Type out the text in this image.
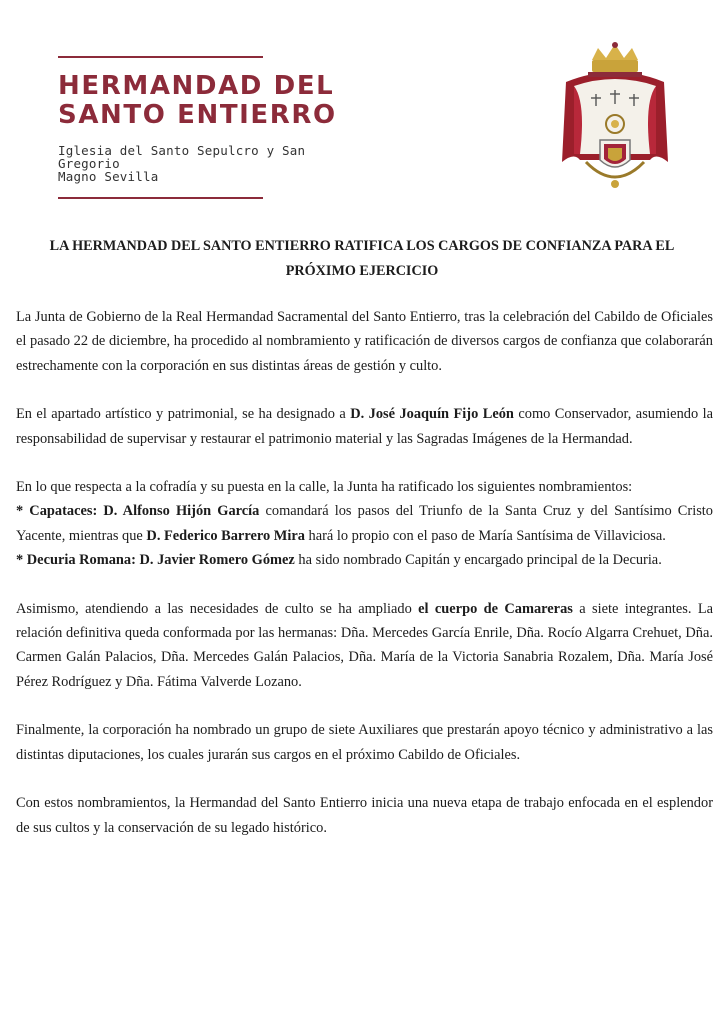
HERMANDAD DEL
SANTO ENTIERRO
Iglesia del Santo Sepulcro y San Gregorio
Magno Sevilla
LA HERMANDAD DEL SANTO ENTIERRO RATIFICA LOS CARGOS DE CONFIANZA PARA EL PRÓXIMO EJERCICIO

La Junta de Gobierno de la Real Hermandad Sacramental del Santo Entierro, tras la celebración del Cabildo de Oficiales el pasado 22 de diciembre, ha procedido al nombramiento y ratificación de diversos cargos de confianza que colaborarán estrechamente con la corporación en sus distintas áreas de gestión y culto.

En el apartado artístico y patrimonial, se ha designado a D. José Joaquín Fijo León como Conservador, asumiendo la responsabilidad de supervisar y restaurar el patrimonio material y las Sagradas Imágenes de la Hermandad.

En lo que respecta a la cofradía y su puesta en la calle, la Junta ha ratificado los siguientes nombramientos:

* Capataces: D. Alfonso Hijón García comandará los pasos del Triunfo de la Santa Cruz y del Santísimo Cristo Yacente, mientras que D. Federico Barrero Mira hará lo propio con el paso de María Santísima de Villaviciosa.

* Decuria Romana: D. Javier Romero Gómez ha sido nombrado Capitán y encargado principal de la Decuria.

Asimismo, atendiendo a las necesidades de culto se ha ampliado el cuerpo de Camareras a siete integrantes. La relación definitiva queda conformada por las hermanas: Dña. Mercedes García Enrile, Dña. Rocío Algarra Crehuet, Dña. Carmen Galán Palacios, Dña. Mercedes Galán Palacios, Dña. María de la Victoria Sanabria Rozalem, Dña. María José Pérez Rodríguez y Dña. Fátima Valverde Lozano.

Finalmente, la corporación ha nombrado un grupo de siete Auxiliares que prestarán apoyo técnico y administrativo a las distintas diputaciones, los cuales jurarán sus cargos en el próximo Cabildo de Oficiales.

Con estos nombramientos, la Hermandad del Santo Entierro inicia una nueva etapa de trabajo enfocada en el esplendor de sus cultos y la conservación de su legado histórico.
